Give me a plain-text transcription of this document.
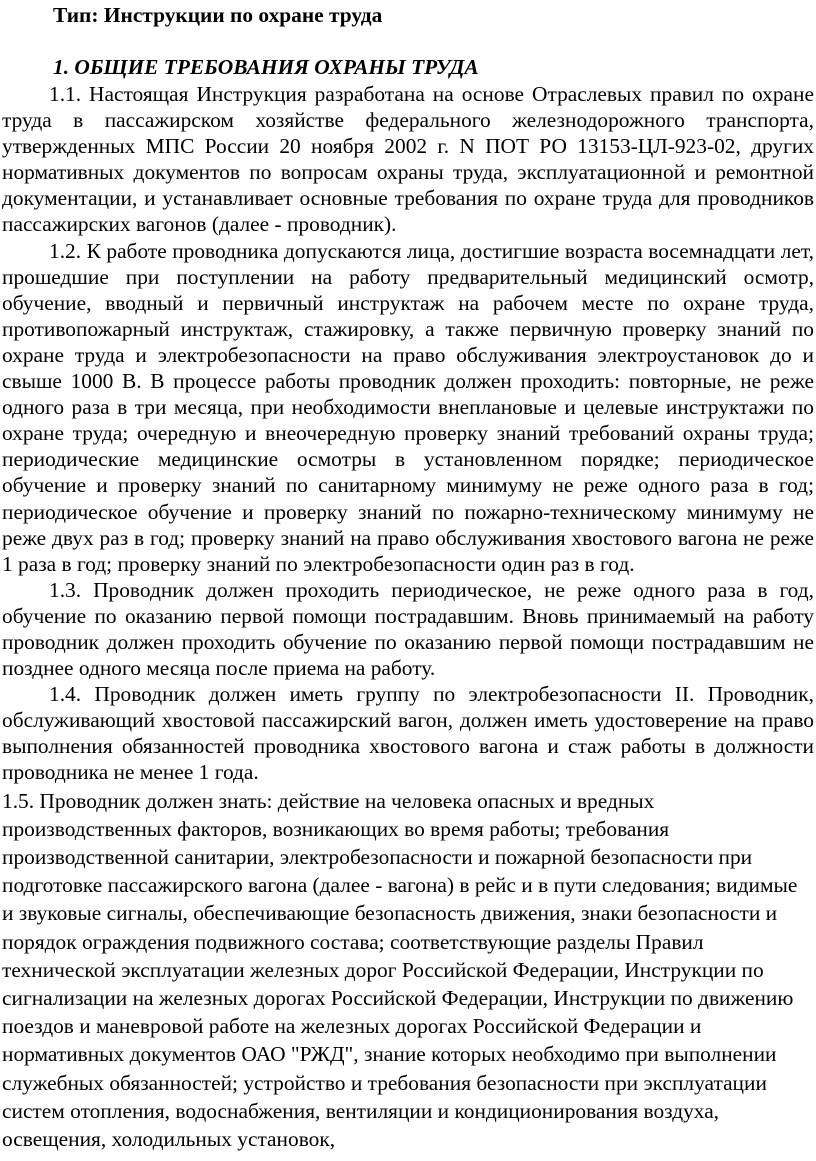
Тип: Инструкции по охране труда
1. ОБЩИЕ ТРЕБОВАНИЯ ОХРАНЫ ТРУДА

1.1. Настоящая Инструкция разработана на основе Отраслевых правил по охране труда в пассажирском хозяйстве федерального железнодорожного транспорта, утвержденных МПС России 20 ноября 2002 г. N ПОТ РО 13153-ЦЛ-923-02, других нормативных документов по вопросам охраны труда, эксплуатационной и ремонтной документации, и устанавливает основные требования по охране труда для проводников пассажирских вагонов (далее - проводник).

1.2. К работе проводника допускаются лица, достигшие возраста восемнадцати лет, прошедшие при поступлении на работу предварительный медицинский осмотр, обучение, вводный и первичный инструктаж на рабочем месте по охране труда, противопожарный инструктаж, стажировку, а также первичную проверку знаний по охране труда и электробезопасности на право обслуживания электроустановок до и свыше 1000 В. В процессе работы проводник должен проходить: повторные, не реже одного раза в три месяца, при необходимости внеплановые и целевые инструктажи по охране труда; очередную и внеочередную проверку знаний требований охраны труда; периодические медицинские осмотры в установленном порядке; периодическое обучение и проверку знаний по санитарному минимуму не реже одного раза в год; периодическое обучение и проверку знаний по пожарно-техническому минимуму не реже двух раз в год; проверку знаний на право обслуживания хвостового вагона не реже 1 раза в год; проверку знаний по электробезопасности один раз в год.

1.3. Проводник должен проходить периодическое, не реже одного раза в год, обучение по оказанию первой помощи пострадавшим. Вновь принимаемый на работу проводник должен проходить обучение по оказанию первой помощи пострадавшим не позднее одного месяца после приема на работу.

1.4. Проводник должен иметь группу по электробезопасности II. Проводник, обслуживающий хвостовой пассажирский вагон, должен иметь удостоверение на право выполнения обязанностей проводника хвостового вагона и стаж работы в должности проводника не менее 1 года.

1.5. Проводник должен знать: действие на человека опасных и вредных производственных факторов, возникающих во время работы; требования производственной санитарии, электробезопасности и пожарной безопасности при подготовке пассажирского вагона (далее - вагона) в рейс и в пути следования; видимые и звуковые сигналы, обеспечивающие безопасность движения, знаки безопасности и порядок ограждения подвижного состава; соответствующие разделы Правил технической эксплуатации железных дорог Российской Федерации, Инструкции по сигнализации на железных дорогах Российской Федерации, Инструкции по движению поездов и маневровой работе на железных дорогах Российской Федерации и нормативных документов ОАО "РЖД", знание которых необходимо при выполнении служебных обязанностей; устройство и требования безопасности при эксплуатации систем отопления, водоснабжения, вентиляции и кондиционирования воздуха, освещения, холодильных установок,
